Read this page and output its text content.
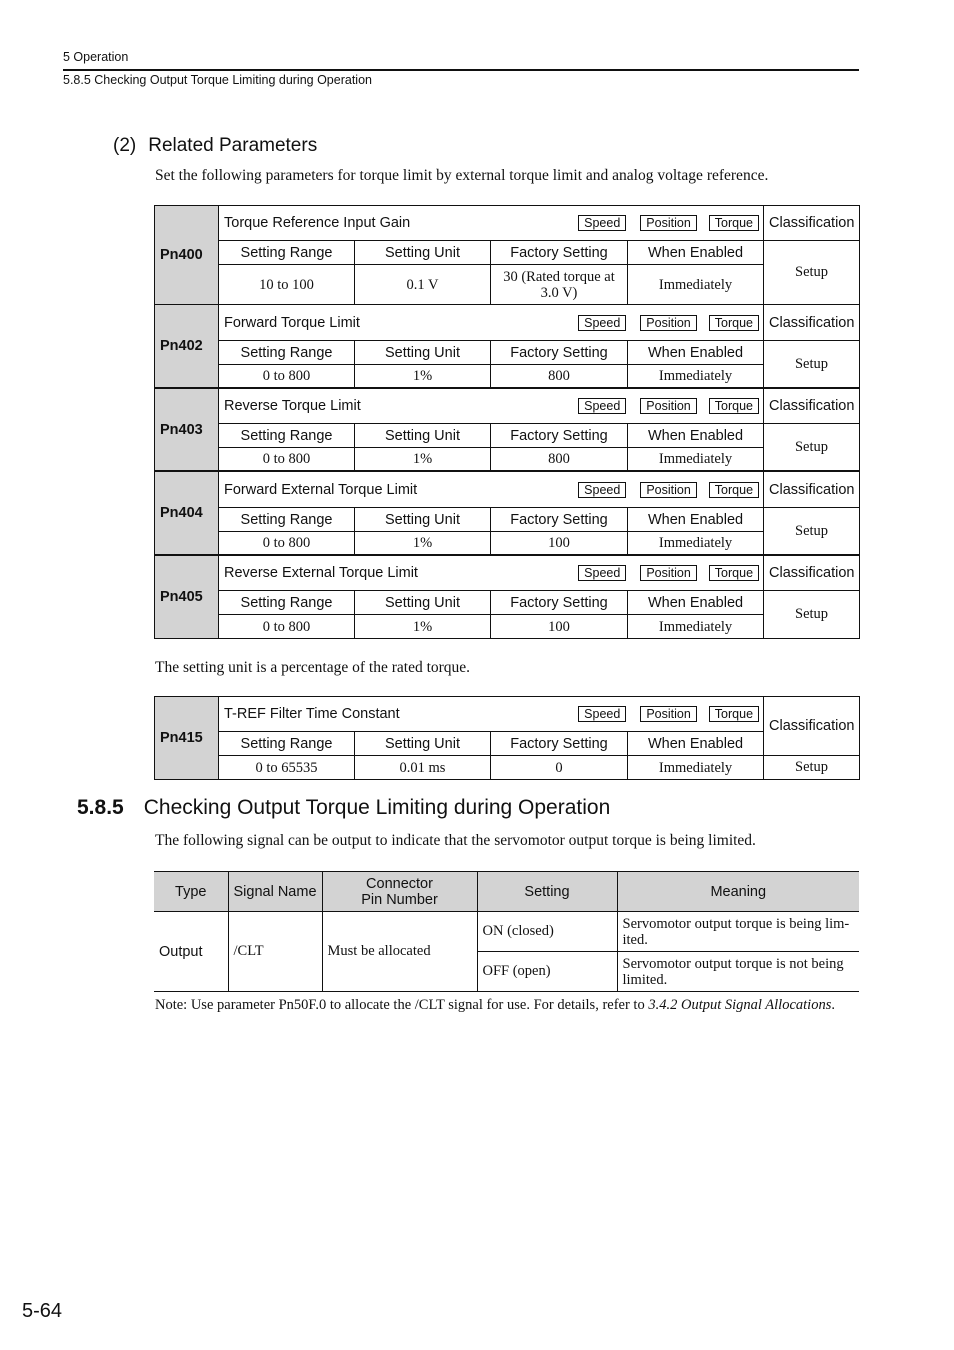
5 Operation
5.8.5 Checking Output Torque Limiting during Operation
(2) Related Parameters
Set the following parameters for torque limit by external torque limit and analog voltage reference.
Pn400	Torque Reference Input Gain Speed Position Torque				Classification
	Setting Range	Setting Unit	Factory Setting	When Enabled	Setup
	10 to 100	0.1 V	30 (Rated torque at
3.0 V)	Immediately	
Pn402	Forward Torque Limit Speed Position Torque				Classification
	Setting Range	Setting Unit	Factory Setting	When Enabled	Setup
	0 to 800	1%	800	Immediately	
Pn403	Reverse Torque Limit Speed Position Torque				Classification
	Setting Range	Setting Unit	Factory Setting	When Enabled	Setup
	0 to 800	1%	800	Immediately	
Pn404	Forward External Torque Limit Speed Position Torque				Classification
	Setting Range	Setting Unit	Factory Setting	When Enabled	Setup
	0 to 800	1%	100	Immediately	
Pn405	Reverse External Torque Limit Speed Position Torque				Classification
	Setting Range	Setting Unit	Factory Setting	When Enabled	Setup
	0 to 800	1%	100	Immediately	
The setting unit is a percentage of the rated torque.
Pn415	T-REF Filter Time Constant Speed Position Torque				Classification
	Setting Range	Setting Unit	Factory Setting	When Enabled	
	0 to 65535	0.01 ms	0	Immediately	Setup
5.8.5 Checking Output Torque Limiting during Operation
The following signal can be output to indicate that the servomotor output torque is being limited.
Type	Signal Name	Connector
Pin Number	Setting	Meaning
Output	/CLT	Must be allocated	ON (closed)	Servomotor output torque is being lim-
ited.
			OFF (open)	Servomotor output torque is not being
limited.
Note: Use parameter Pn50F.0 to allocate the /CLT signal for use. For details, refer to 3.4.2 Output Signal Allocations.
5-64
